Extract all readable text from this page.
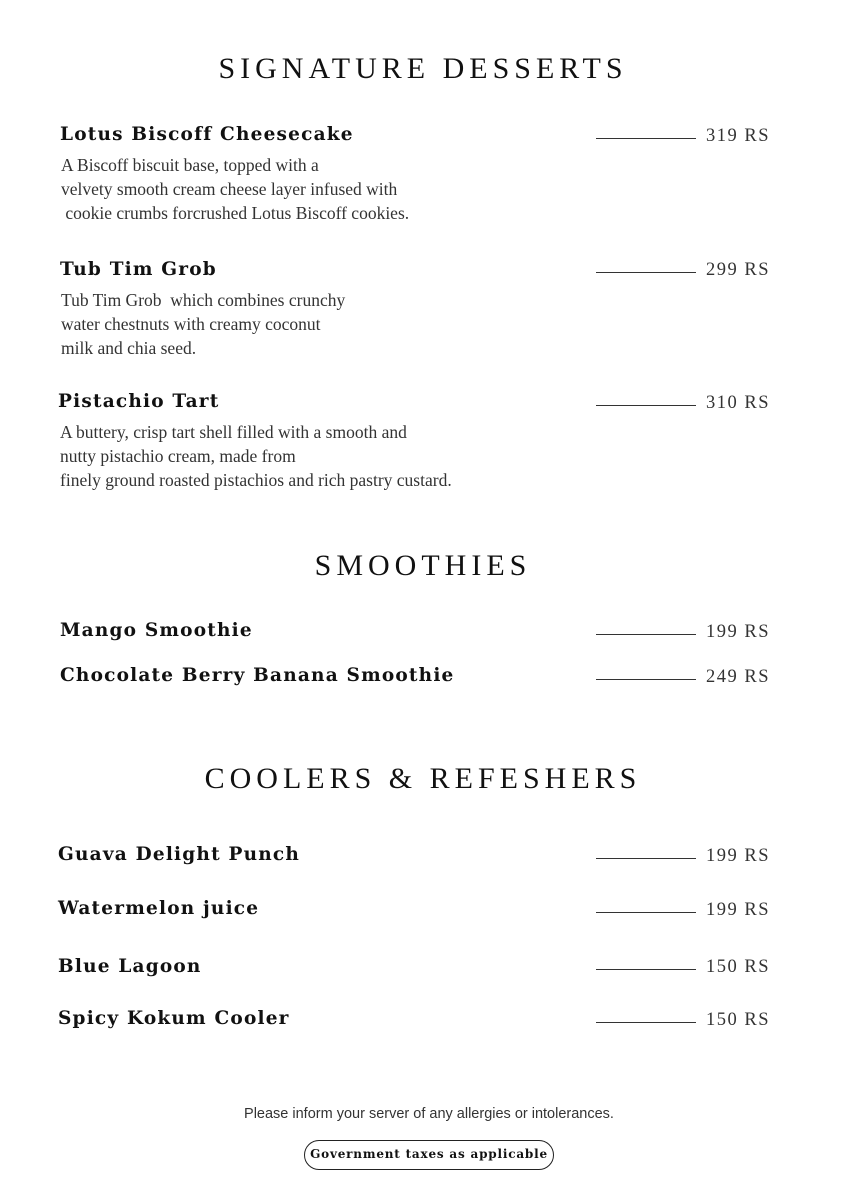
SIGNATURE DESSERTS
Lotus Biscoff Cheesecake	319 RS

A Biscoff biscuit base, topped with a
velvety smooth cream cheese layer infused with
cookie crumbs forcrushed Lotus Biscoff cookies.

Tub Tim Grob	299 RS

Tub Tim Grob  which combines crunchy
water chestnuts with creamy coconut
milk and chia seed.

Pistachio Tart	310 RS

A buttery, crisp tart shell filled with a smooth and
nutty pistachio cream, made from
finely ground roasted pistachios and rich pastry custard.

SMOOTHIES
Mango Smoothie	199 RS
Chocolate Berry Banana Smoothie	249 RS
COOLERS & REFESHERS
Guava Delight Punch	199 RS
Watermelon juice	199 RS
Blue Lagoon	150 RS
Spicy Kokum Cooler	150 RS
Please inform your server of any allergies or intolerances.
Government taxes as applicable
